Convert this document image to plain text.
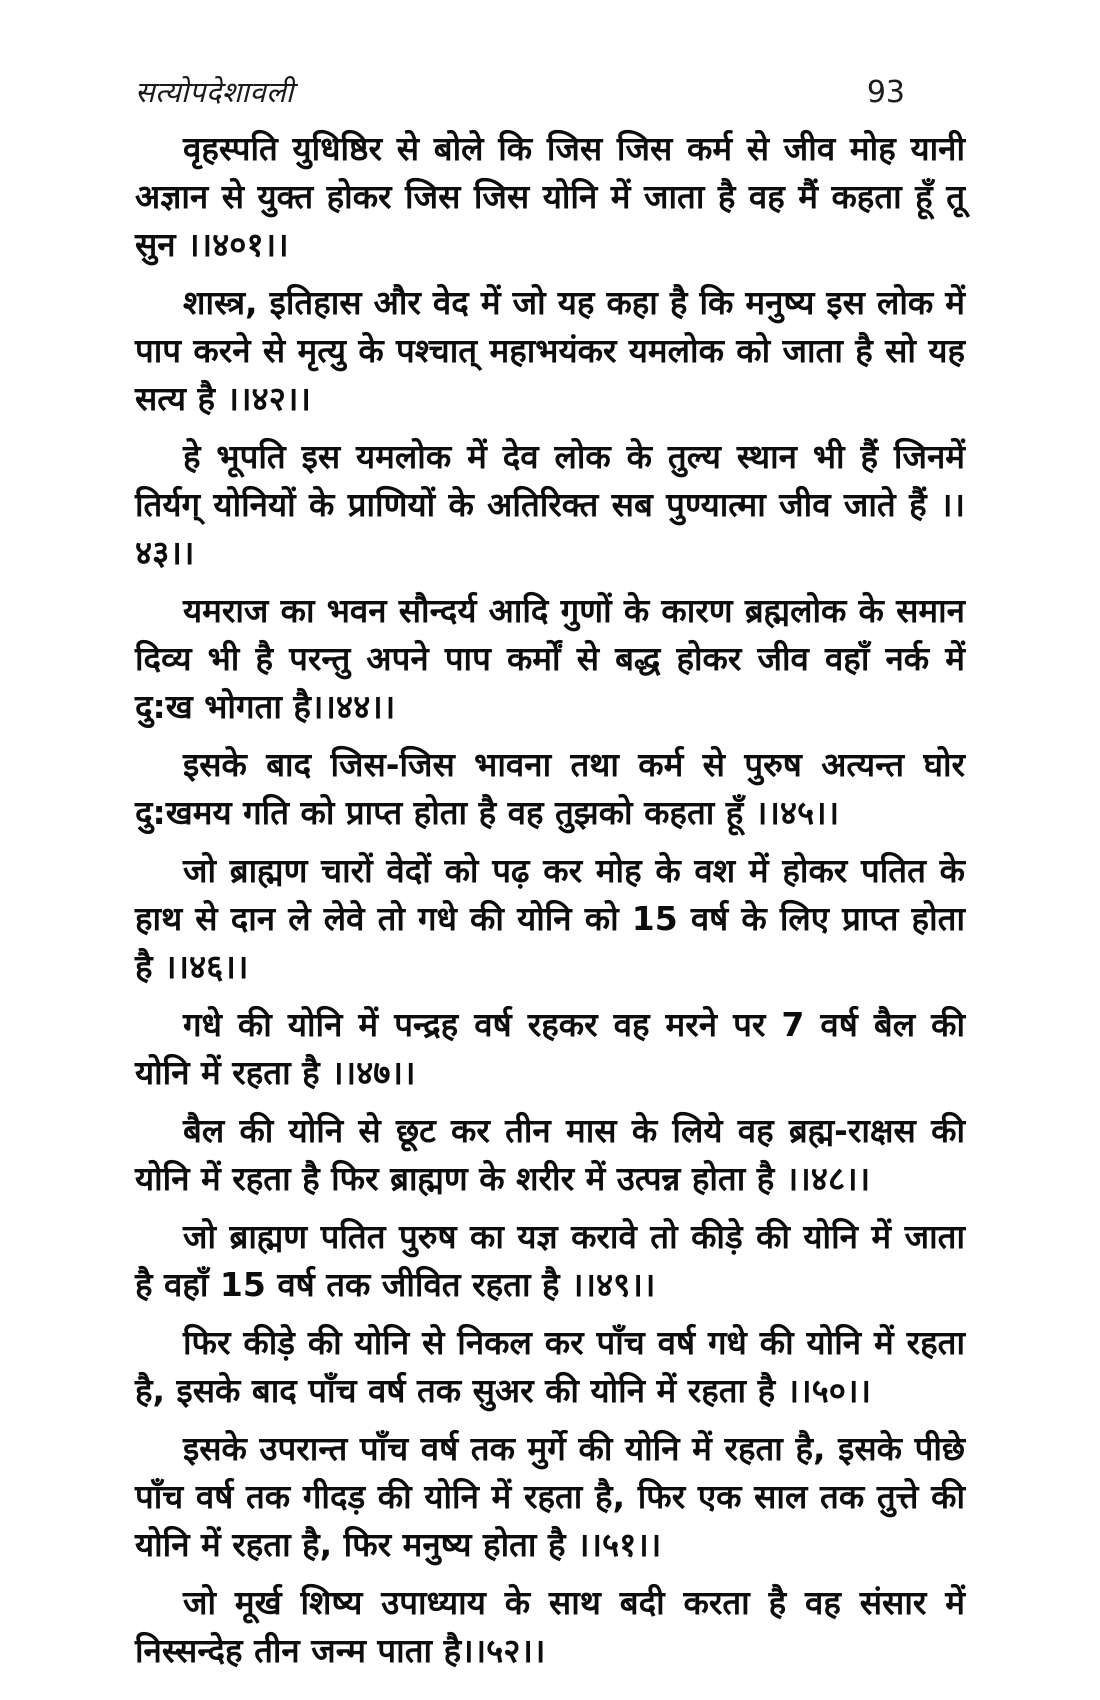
सत्योपदेशावली	93

वृहस्पति युधिष्ठिर से बोले कि जिस जिस कर्म से जीव मोह यानी अज्ञान से युक्त होकर जिस जिस योनि में जाता है वह मैं कहता हूँ तू सुन ।।४०१।।

शास्त्र, इतिहास और वेद में जो यह कहा है कि मनुष्य इस लोक में पाप करने से मृत्यु के पश्चात् महाभयंकर यमलोक को जाता है सो यह सत्य है ।।४२।।

हे भूपति इस यमलोक में देव लोक के तुल्य स्थान भी हैं जिनमें तिर्यग् योनियों के प्राणियों के अतिरिक्त सब पुण्यात्मा जीव जाते हैं ।।४३।।

यमराज का भवन सौन्दर्य आदि गुणों के कारण ब्रह्मलोक के समान दिव्य भी है परन्तु अपने पाप कर्मों से बद्ध होकर जीव वहाँ नर्क में दु:ख भोगता है।।४४।।

इसके बाद जिस-जिस भावना तथा कर्म से पुरुष अत्यन्त घोर दु:खमय गति को प्राप्त होता है वह तुझको कहता हूँ ।।४५।।

जो ब्राह्मण चारों वेदों को पढ़ कर मोह के वश में होकर पतित के हाथ से दान ले लेवे तो गधे की योनि को 15 वर्ष के लिए प्राप्त होता है ।।४६।।

गधे की योनि में पन्द्रह वर्ष रहकर वह मरने पर 7 वर्ष बैल की योनि में रहता है ।।४७।।

बैल की योनि से छूट कर तीन मास के लिये वह ब्रह्म-राक्षस की योनि में रहता है फिर ब्राह्मण के शरीर में उत्पन्न होता है ।।४८।।

जो ब्राह्मण पतित पुरुष का यज्ञ करावे तो कीड़े की योनि में जाता है वहाँ 15 वर्ष तक जीवित रहता है ।।४९।।

फिर कीड़े की योनि से निकल कर पाँच वर्ष गधे की योनि में रहता है, इसके बाद पाँच वर्ष तक सुअर की योनि में रहता है ।।५०।।

इसके उपरान्त पाँच वर्ष तक मुर्गे की योनि में रहता है, इसके पीछे पाँच वर्ष तक गीदड़ की योनि में रहता है, फिर एक साल तक तुत्ते की योनि में रहता है, फिर मनुष्य होता है ।।५१।।

जो मूर्ख शिष्य उपाध्याय के साथ बदी करता है वह संसार में निस्सन्देह तीन जन्म पाता है।।५२।।
